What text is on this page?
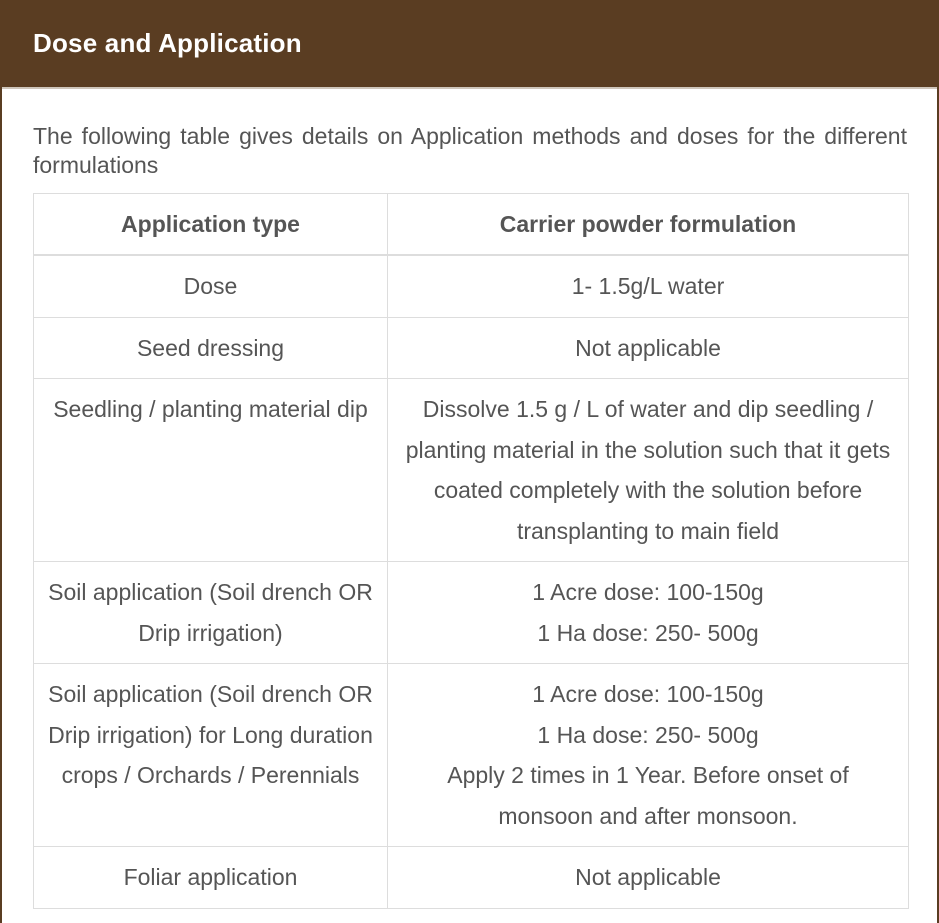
Dose and Application

The following table gives details on Application methods and doses for the different formulations

Application type	Carrier powder formulation
Dose	1- 1.5g/L water

Seed dressing	Not applicable

Seedling / planting material dip	Dissolve 1.5 g / L of water and dip seedling / planting material in the solution such that it gets coated completely with the solution before transplanting to main field

Soil application (Soil drench OR Drip irrigation)	1 Acre dose: 100-150g
1 Ha dose: 250- 500g

Soil application (Soil drench OR Drip irrigation) for Long duration crops / Orchards / Perennials	1 Acre dose: 100-150g
1 Ha dose: 250- 500g
Apply 2 times in 1 Year. Before onset of monsoon and after monsoon.

Foliar application	Not applicable
